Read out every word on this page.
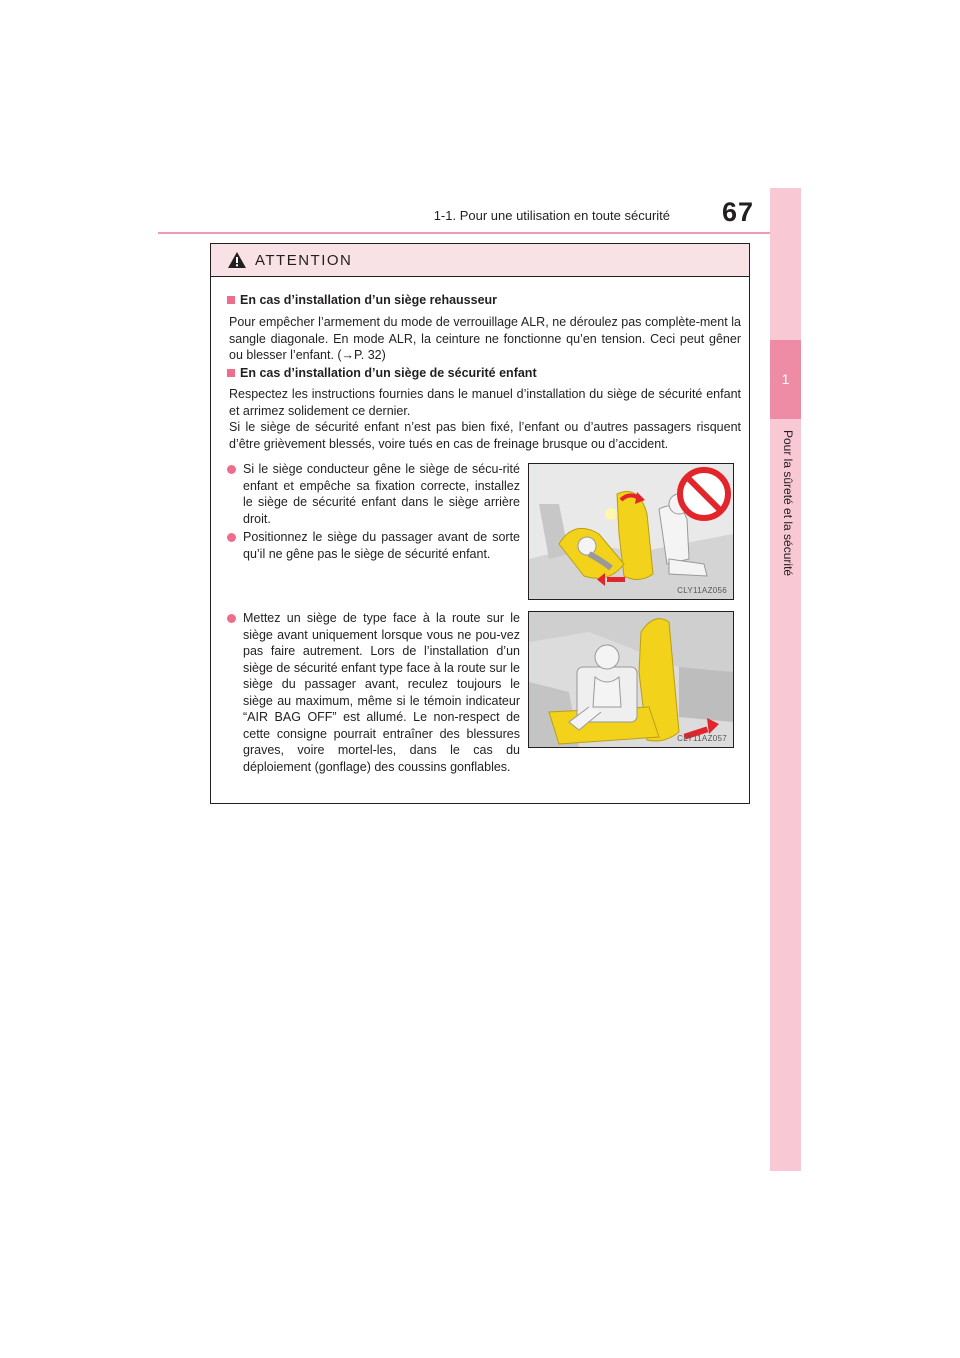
1-1. Pour une utilisation en toute sécurité 67
1
Pour la sûreté et la sécurité
ATTENTION
En cas d’installation d’un siège rehausseur
Pour empêcher l’armement du mode de verrouillage ALR, ne déroulez pas complète-ment la sangle diagonale. En mode ALR, la ceinture ne fonctionne qu’en tension. Ceci peut gêner ou blesser l’enfant. (→P. 32)
En cas d’installation d’un siège de sécurité enfant
Respectez les instructions fournies dans le manuel d’installation du siège de sécurité enfant et arrimez solidement ce dernier.
Si le siège de sécurité enfant n’est pas bien fixé, l’enfant ou d’autres passagers risquent d’être grièvement blessés, voire tués en cas de freinage brusque ou d’accident.
Si le siège conducteur gêne le siège de sécu-rité enfant et empêche sa fixation correcte, installez le siège de sécurité enfant dans le siège arrière droit.
Positionnez le siège du passager avant de sorte qu’il ne gêne pas le siège de sécurité enfant.
Mettez un siège de type face à la route sur le siège avant uniquement lorsque vous ne pou-vez pas faire autrement. Lors de l’installation d’un siège de sécurité enfant type face à la route sur le siège du passager avant, reculez toujours le siège au maximum, même si le témoin indicateur “AIR BAG OFF” est allumé. Le non-respect de cette consigne pourrait entraîner des blessures graves, voire mortel-les, dans le cas du déploiement (gonflage) des coussins gonflables.
CLY11AZ056
CLY11AZ057
